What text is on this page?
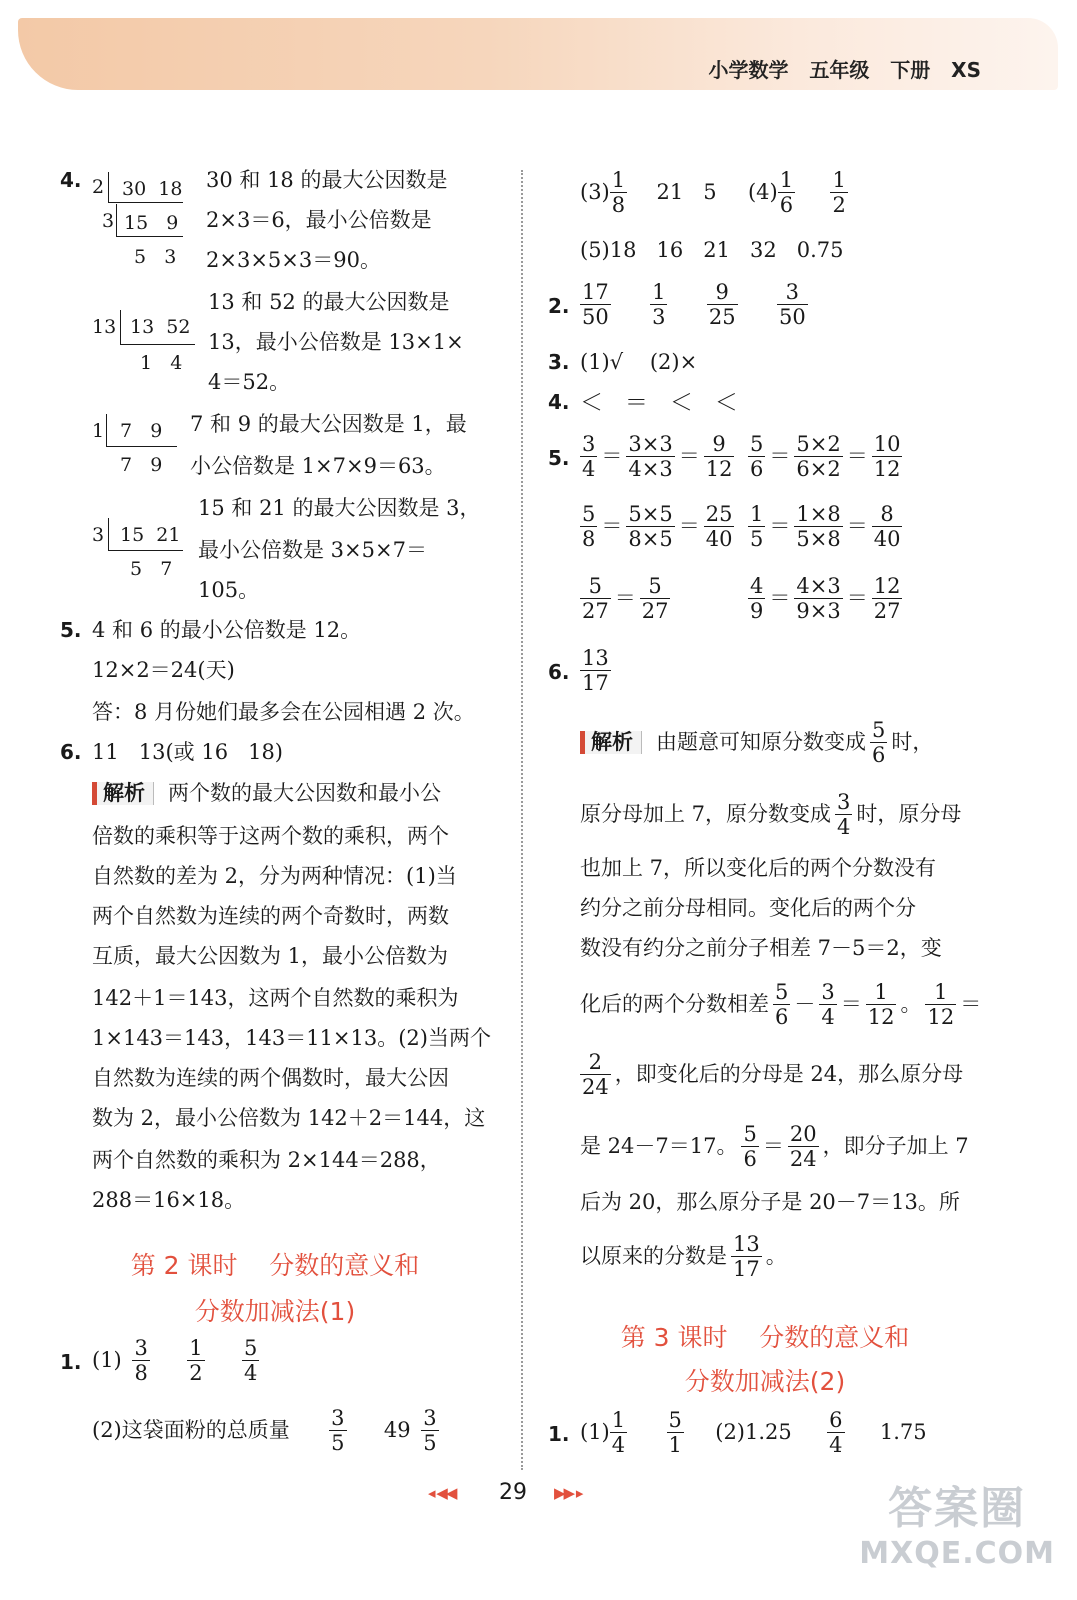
小学数学 五年级 下册 XS
4. 2
3
30  18
15   9
5   3
30 和 18 的最大公因数是
2×3＝6，最小公倍数是
2×3×5×3＝90。
13 13  52
1   4
13 和 52 的最大公因数是
13，最小公倍数是 13×1×
4＝52。
1 7   9
7   9
7 和 9 的最大公因数是 1，最
小公倍数是 1×7×9＝63。
3 15  21
5   7
15 和 21 的最大公因数是 3，
最小公倍数是 3×5×7＝
105。
5. 4 和 6 的最小公倍数是 12。
12×2＝24(天)
答：8 月份她们最多会在公园相遇 2 次。
6. 11   13(或 16   18)
解析 两个数的最大公因数和最小公
倍数的乘积等于这两个数的乘积，两个
自然数的差为 2，分为两种情况：(1)当
两个自然数为连续的两个奇数时，两数
互质，最大公因数为 1，最小公倍数为
142＋1＝143，这两个自然数的乘积为
1×143＝143，143＝11×13。(2)当两个
自然数为连续的两个偶数时，最大公因
数为 2，最小公倍数为 142＋2＝144，这
两个自然数的乘积为 2×144＝288，
288＝16×18。
第 2 课时    分数的意义和
分数加减法(1)
1. $(1) \frac{3}{8}$
$\frac{1}{2}$
$\frac{5}{4}$
(2)这袋面粉的总质量 $\frac{3}{5} 49 \frac{3}{5}$
$(3) \frac{1}{8} 21$   5 $(4) \frac{1}{6}$
$\frac{1}{2}$
(5)18   16   21   32   0.75
2. $\frac{17}{50}$
$\frac{1}{3}$
$\frac{9}{25}$
$\frac{3}{50}$
3. (1)√    (2)×
4. ＜   ＝   ＜   ＜
5. $\frac{3}{4} = \frac{3\times 3}{4\times 3} = \frac{9}{12} \frac{5}{6} = \frac{5\times 2}{6\times 2} = \frac{10}{12}$
$\frac{5}{8} = \frac{5\times 5}{8\times 5} = \frac{25}{40} \frac{1}{5} = \frac{1\times 8}{5\times 8} = \frac{8}{40}$
$\frac{5}{27} = \frac{5}{27}$	$\frac{4}{9} = \frac{4\times 3}{9\times 3} = \frac{12}{27}$
6. $\frac{13}{17}$
解析 由题意可知原分数变成 $\frac{5}{6}$ 时，
原分母加上 7，原分数变成 $\frac{3}{4}$ 时，原分母
也加上 7，所以变化后的两个分数没有
约分之前分母相同。变化后的两个分
数没有约分之前分子相差 7－5＝2，变
化后的两个分数相差 $\frac{5}{6} - \frac{3}{4} = \frac{1}{12}$ 。 $\frac{1}{12}$ ＝
$\frac{2}{24}$ ，即变化后的分母是 24，那么原分母
是 24－7＝17。 $\frac{5}{6} = \frac{20}{24}$ ，即分子加上 7
后为 20，那么原分子是 20－7＝13。所
以原来的分数是 $\frac{13}{17}$ 。
第 3 课时    分数的意义和
分数加减法(2)
1. $(1) \frac{1}{4}$
$\frac{5}{1} (2)1.25 \frac{6}{4} 1.75$
◂ ◀◀ 29 ▶▶ ▸	答案圈
MXQE.COM
